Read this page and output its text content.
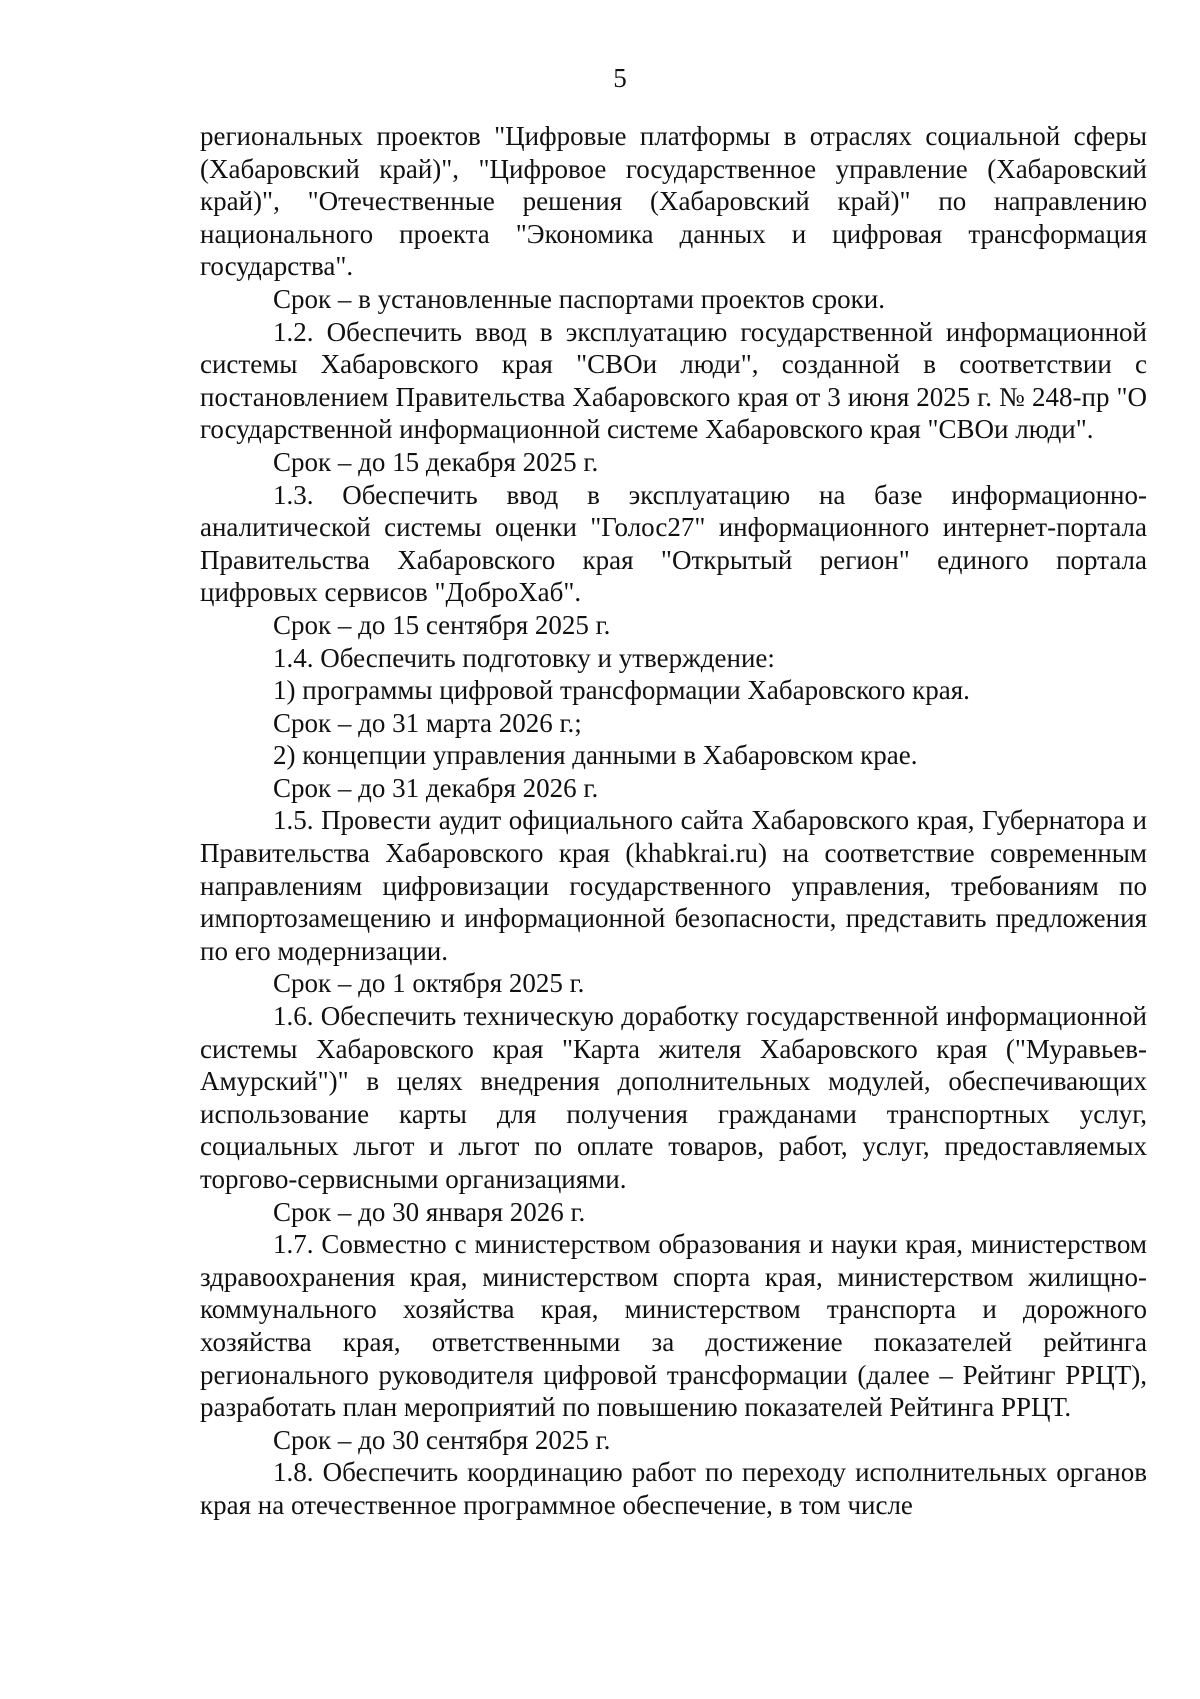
5

региональных проектов "Цифровые платформы в отраслях социальной сферы (Хабаровский край)", "Цифровое государственное управление (Хабаровский край)", "Отечественные решения (Хабаровский край)" по направлению национального проекта "Экономика данных и цифровая трансформация государства".

Срок – в установленные паспортами проектов сроки.

1.2. Обеспечить ввод в эксплуатацию государственной информационной системы Хабаровского края "СВОи люди", созданной в соответствии с постановлением Правительства Хабаровского края от 3 июня 2025 г. № 248-пр "О государственной информационной системе Хабаровского края "СВОи люди".

Срок – до 15 декабря 2025 г.

1.3. Обеспечить ввод в эксплуатацию на базе информационно-аналитической системы оценки "Голос27" информационного интернет-портала Правительства Хабаровского края "Открытый регион" единого портала цифровых сервисов "ДоброХаб".

Срок – до 15 сентября 2025 г.

1.4. Обеспечить подготовку и утверждение:

1) программы цифровой трансформации Хабаровского края.

Срок – до 31 марта 2026 г.;

2) концепции управления данными в Хабаровском крае.

Срок – до 31 декабря 2026 г.

1.5. Провести аудит официального сайта Хабаровского края, Губернатора и Правительства Хабаровского края (khabkrai.ru) на соответствие современным направлениям цифровизации государственного управления, требованиям по импортозамещению и информационной безопасности, представить предложения по его модернизации.

Срок – до 1 октября 2025 г.

1.6. Обеспечить техническую доработку государственной информационной системы Хабаровского края "Карта жителя Хабаровского края ("Муравьев-Амурский")" в целях внедрения дополнительных модулей, обеспечивающих использование карты для получения гражданами транспортных услуг, социальных льгот и льгот по оплате товаров, работ, услуг, предоставляемых торгово-сервисными организациями.

Срок – до 30 января 2026 г.

1.7. Совместно с министерством образования и науки края, министерством здравоохранения края, министерством спорта края, министерством жилищно-коммунального хозяйства края, министерством транспорта и дорожного хозяйства края, ответственными за достижение показателей рейтинга регионального руководителя цифровой трансформации (далее – Рейтинг РРЦТ), разработать план мероприятий по повышению показателей Рейтинга РРЦТ.

Срок – до 30 сентября 2025 г.

1.8. Обеспечить координацию работ по переходу исполнительных органов края на отечественное программное обеспечение, в том числе
